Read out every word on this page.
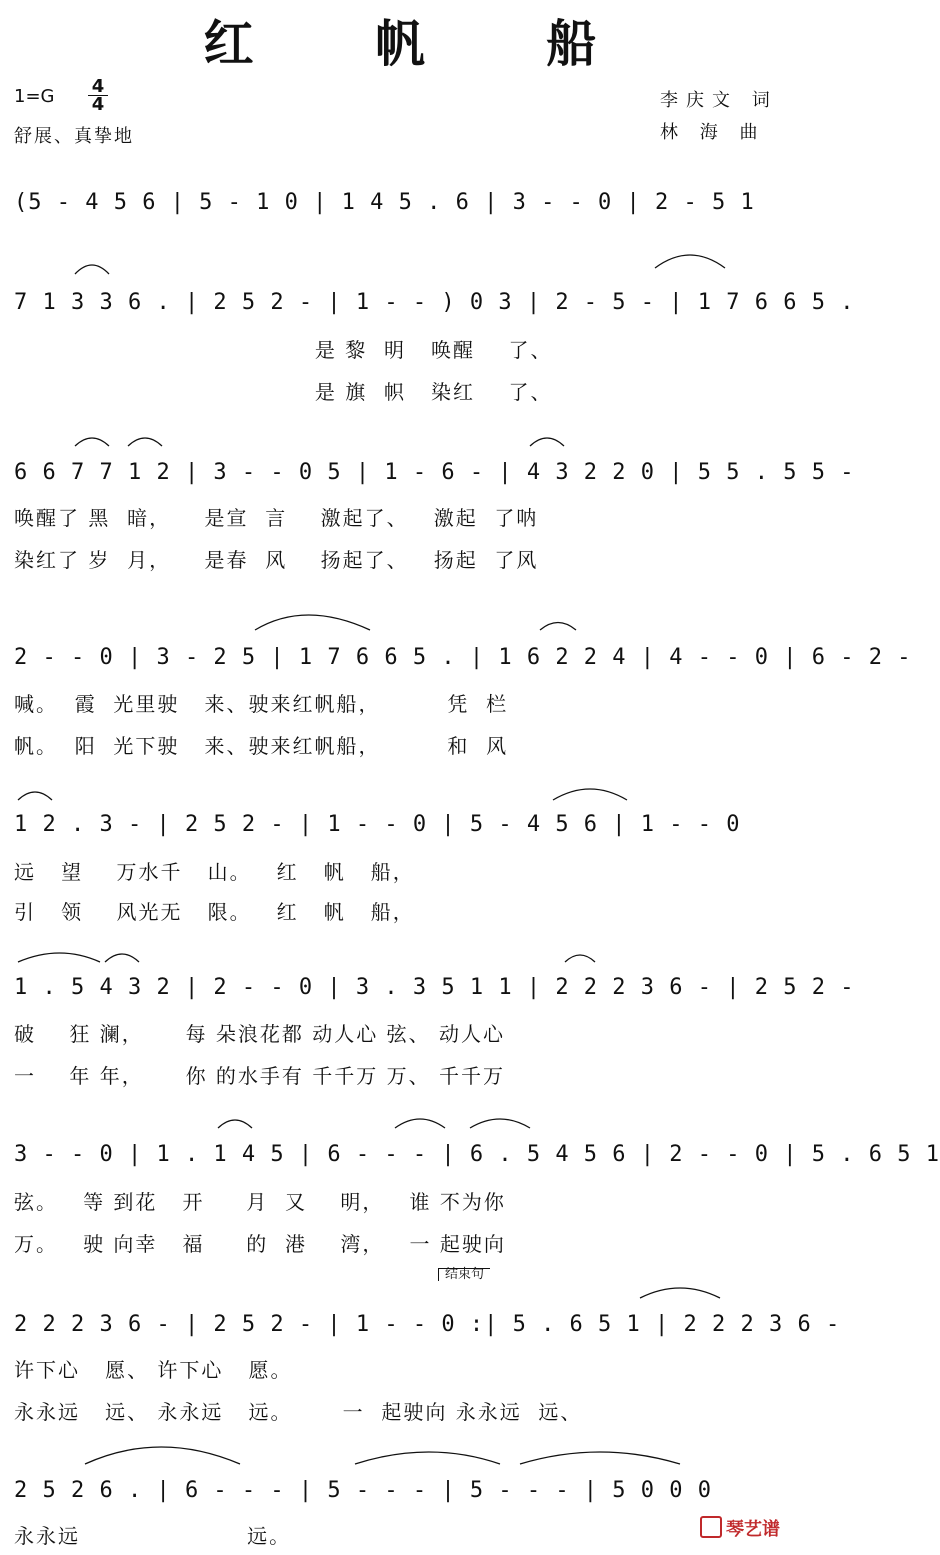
红 帆 船
1=G 4
4
舒展、真挚地
李庆文 词
林 海 曲
(5 - 4 5 6 | 5 - 1 0 | 1 4 5 . 6 | 3 - - 0 | 2 - 5 1
7 1 3 3 6 . | 2 5 2 - | 1 - - ) 0 3 | 2 - 5 - | 1 7 6 6 5 .
是 黎  明   唤醒    了、
是 旗  帜   染红    了、
6 6 7 7 1 2 | 3 - - 0 5 | 1 - 6 - | 4 3 2 2 0 | 5 5 . 5 5 -
唤醒了 黑  暗，    是宣  言    激起了、   激起  了呐
染红了 岁  月，    是春  风    扬起了、   扬起  了风
2 - - 0 | 3 - 2 5 | 1 7 6 6 5 . | 1 6 2 2 4 | 4 - - 0 | 6 - 2 -
喊。  霞  光里驶   来、驶来红帆船，        凭  栏
帆。  阳  光下驶   来、驶来红帆船，        和  风
1 2 . 3 - | 2 5 2 - | 1 - - 0 | 5 - 4 5 6 | 1 - - 0
远   望    万水千   山。   红   帆   船，
引   领    风光无   限。   红   帆   船，
1 . 5 4 3 2 | 2 - - 0 | 3 . 3 5 1 1 | 2 2 2 3 6 - | 2 5 2 -
破    狂 澜，     每 朵浪花都 动人心 弦、 动人心
一    年 年，     你 的水手有 千千万 万、 千千万
3 - - 0 | 1 . 1 4 5 | 6 - - - | 6 . 5 4 5 6 | 2 - - 0 | 5 . 6 5 1
弦。   等 到花   开     月  又    明，   谁 不为你
万。   驶 向幸   福     的  港    湾，   一 起驶向
结束句
2 2 2 3 6 - | 2 5 2 - | 1 - - 0 :| 5 . 6 5 1 | 2 2 2 3 6 -
许下心   愿、 许下心   愿。
永永远   远、 永永远   远。      一  起驶向 永永远  远、
2 5 2 6 . | 6 - - - | 5 - - - | 5 - - - | 5 0 0 0
永永远                    远。	琴艺谱
